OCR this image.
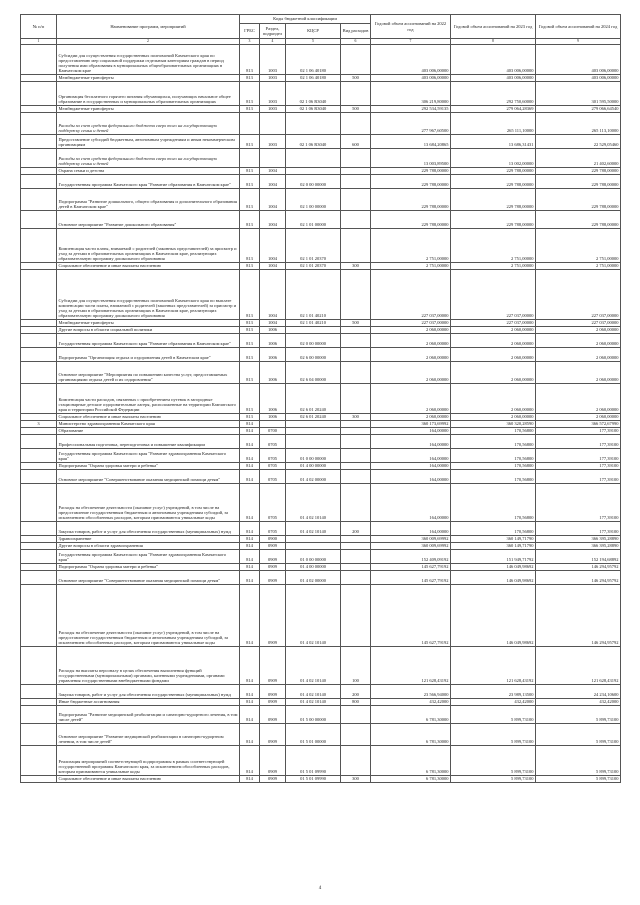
№ п/п	Наименование программ, мероприятий	Коды бюджетной классификации				Годовой объем ассигнований на 2022 год	Годовой объем ассигнований на 2023 год	Годовой объем ассигнований на 2024 год
		ГРБС	Раздел, подраздел	КЦСР	Вид расходов			
1	2	3	4	5	6	7	8	9
	Субсидии для осуществления государственных полномочий Камчатского края по предоставлению мер социальной поддержки отдельным категориям граждан в период получения ими образования в муниципальных общеобразовательных организациях в Камчатском крае	813	1003	02 1 06 40180		403 006,00000	403 006,00000	403 006,00000
	Межбюджетные трансферты	813	1003	02 1 06 40180	500	403 006,00000	403 006,00000	403 006,00000
	Организация бесплатного горячего питания обучающихся, получающих начальное общее образование в государственных и муниципальных образовательных организациях	813	1003	02 1 06 R3040		306 219,80000	292 750,60000	301 595,50000
	Межбюджетные трансферты	813	1003	02 1 06 R3040	500	292 534,59135	279 064,28369	279 066,64540
	Расходы за счет средств федерального бюджета сверх того на государственную поддержку семьи и детей					277 967,60500	265 111,10000	265 113,10000
	Предоставление субсидий бюджетным, автономным учреждениям и иным некоммерческим организациям	813	1003	02 1 06 R3040	600	13 684,20865	13 686,31431	22 529,05460
	Расходы за счет средств федерального бюджета сверх того на государственную поддержку семьи и детей					13 003,89500	13 002,00000	21 402,60000
	Охрана семьи и детства	813	1004			229 788,00000	229 788,00000	229 788,00000
	Государственная программа Камчатского края "Развитие образования в Камчатском крае"	813	1004	02 0 00 00000		229 788,00000	229 788,00000	229 788,00000
	Подпрограмма "Развитие дошкольного, общего образования и дополнительного образования детей в Камчатском крае"	813	1004	02 1 00 00000		229 788,00000	229 788,00000	229 788,00000
	Основное мероприятие "Развитие дошкольного образования"	813	1004	02 1 01 00000		229 788,00000	229 788,00000	229 788,00000
	Компенсация части платы, взимаемой с родителей (законных представителей) за присмотр и уход за детьми в образовательных организациях в Камчатском крае, реализующих образовательную программу дошкольного образования	813	1004	02 1 01 20370		2 751,00000	2 751,00000	2 751,00000
	Социальное обеспечение и иные выплаты населению	813	1004	02 1 01 20370	300	2 751,00000	2 751,00000	2 751,00000
	Субсидии для осуществления государственных полномочий Камчатского края по выплате компенсации части платы, взимаемой с родителей (законных представителей) за присмотр и уход за детьми в образовательных организациях в Камчатском крае, реализующих образовательную программу дошкольного образования	813	1004	02 1 01 40210		227 037,00000	227 037,00000	227 037,00000
	Межбюджетные трансферты	813	1004	02 1 01 40210	500	227 037,00000	227 037,00000	227 037,00000
	Другие вопросы в области социальной политики	813	1006			2 060,00000	2 060,00000	2 060,00000
	Государственная программа Камчатского края "Развитие образования в Камчатском крае"	813	1006	02 0 00 00000		2 060,00000	2 060,00000	2 060,00000
	Подпрограмма "Организация отдыха и оздоровления детей в Камчатском крае"	813	1006	02 6 00 00000		2 060,00000	2 060,00000	2 060,00000
	Основное мероприятие "Мероприятия по повышению качества услуг, предоставляемых организациями отдыха детей и их оздоровления"	813	1006	02 6 04 00000		2 060,00000	2 060,00000	2 060,00000
	Компенсация части расходов, связанных с приобретением путевок в загородные стационарные детские оздоровительные лагеря, расположенные на территории Камчатского края и территории Российской Федерации	813	1006	02 6 01 20240		2 060,00000	2 060,00000	2 060,00000
	Социальное обеспечение и иные выплаты населению	813	1006	02 6 01 20240	300	2 060,00000	2 060,00000	2 060,00000
3	Министерство здравоохранения Камчатского края	814				360 173,69992	360 320,28590	366 572,67990
	Образование	814	0700			164,00000	170,56800	177,39100
	Профессиональная подготовка, переподготовка и повышение квалификации	814	0705			164,00000	170,56800	177,39100
	Государственная программа Камчатского края "Развитие здравоохранения Камчатского края"	814	0705	01 0 00 00000		164,00000	170,56800	177,39100
	Подпрограмма "Охрана здоровья матери и ребенка"	814	0705	01 4 00 00000		164,00000	170,56800	177,39100
	Основное мероприятие "Совершенствование оказания медицинской помощи детям"	814	0705	01 4 02 00000		164,00000	170,56800	177,39100
	Расходы на обеспечение деятельности (оказание услуг) учреждений, в том числе на предоставление государственным бюджетным и автономным учреждениям субсидий, за исключением обособленных расходов, которым присваиваются уникальные коды	814	0705	01 4 02 10140		164,00000	170,56800	177,39100
	Закупка товаров, работ и услуг для обеспечения государственных (муниципальных) нужд	814	0705	01 4 02 10140	200	164,00000	170,56800	177,39100
	Здравоохранение	814	0900			360 009,69992	360 149,71790	366 395,28890
	Другие вопросы в области здравоохранения	814	0909			360 009,69992	360 149,71790	366 395,28890
	Государственная программа Камчатского края "Развитие здравоохранения Камчатского края"	814	0909	01 0 00 00000		152 409,09192	151 949,71792	152 194,68892
	Подпрограмма "Охрана здоровья матери и ребенка"	814	0909	01 4 00 00000		145 627,79192	146 049,98692	146 294,95792
	Основное мероприятие "Совершенствование оказания медицинской помощи детям"	814	0909	01 4 02 00000		145 627,79192	146 049,98692	146 294,95792
	Расходы на обеспечение деятельности (оказание услуг) учреждений, в том числе на предоставление государственным бюджетным и автономным учреждениям субсидий, за исключением обособленных расходов, которым присваиваются уникальные коды	814	0909	01 4 02 10140		145 627,79192	146 049,98692	146 294,95792
	Расходы на выплаты персоналу в целях обеспечения выполнения функций государственными (муниципальными) органами, казенными учреждениями, органами управления государственными внебюджетными фондами	814	0909	01 4 02 10140	100	121 628,43192	121 628,43192	121 628,43192
	Закупка товаров, работ и услуг для обеспечения государственных (муниципальных) нужд	814	0909	01 4 02 10140	200	23 566,94000	23 989,13500	24 234,10600
	Иные бюджетные ассигнования	814	0909	01 4 02 10140	800	432,42000	432,42000	432,42000
	Подпрограмма "Развитие медицинской реабилитации и санаторно-курортного лечения, в том числе детей"	814	0909	01 5 00 00000		6 781,30000	5 899,73100	5 899,73100
	Основное мероприятие "Развитие медицинской реабилитации в санаторно-курортном лечении, в том числе детей"	814	0909	01 5 01 00000		6 781,30000	5 899,73100	5 899,73100
	Реализация мероприятий соответствующей подпрограммы в рамках соответствующей государственной программы Камчатского края, за исключением обособленных расходов, которым присваиваются уникальные коды	814	0909	01 5 01 09990		6 781,30000	5 899,73100	5 899,73100
	Социальное обеспечение и иные выплаты населению	814	0909	01 5 01 09990	300	6 781,30000	5 899,73100	5 899,73100
4
